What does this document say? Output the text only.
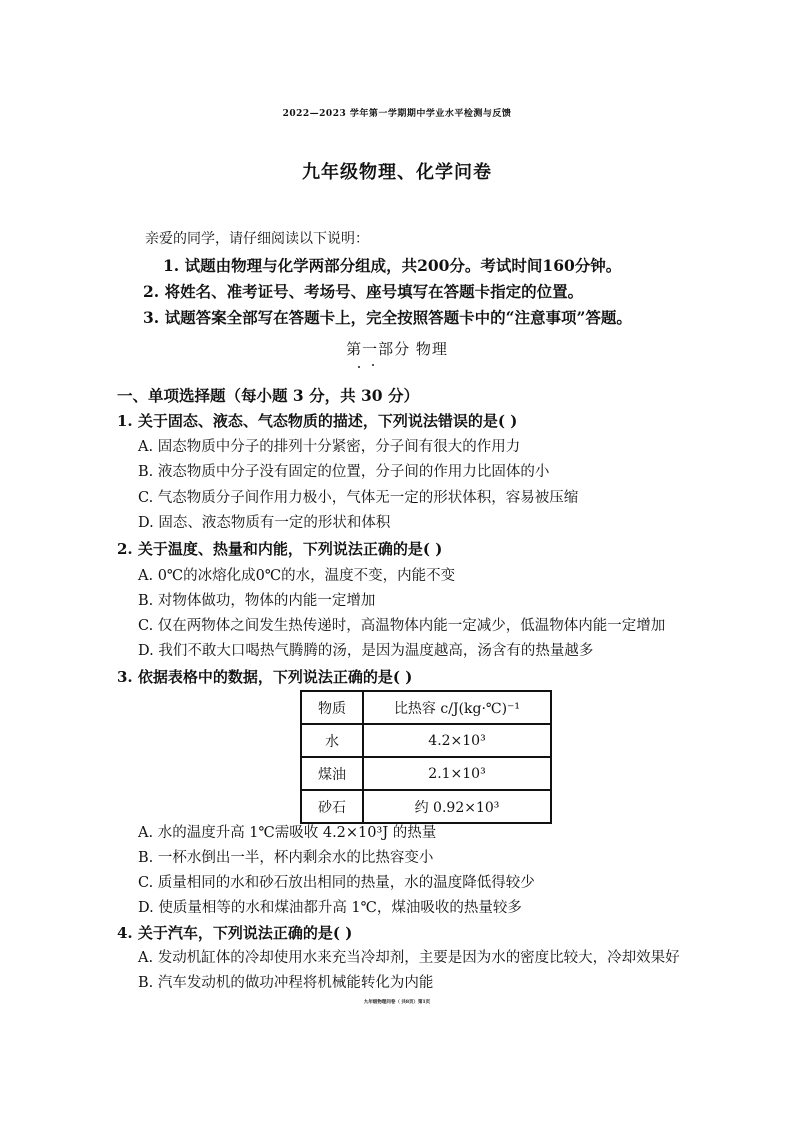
2022—2023 学年第一学期期中学业水平检测与反馈
九年级物理、化学问卷
亲爱的同学，请仔细阅读以下说明：
1. 试题由物理与化学两部分组成，共200分。考试时间160分钟。
2. 将姓名、准考证号、考场号、座号填写在答题卡指定的位置。
3. 试题答案全部写在答题卡上，完全按照答题卡中的“注意事项”答题。
第一部分 物理
一、单项选择题（每小题 3 分，共 30 分）
1. 关于固态、液态、气态物质的描述，下列说法错误的是( )
A. 固态物质中分子的排列十分紧密，分子间有很大的作用力
B. 液态物质中分子没有固定的位置，分子间的作用力比固体的小
C. 气态物质分子间作用力极小，气体无一定的形状体积，容易被压缩
D. 固态、液态物质有一定的形状和体积
2. 关于温度、热量和内能，下列说法正确的是( )
A. 0℃的冰熔化成0℃的水，温度不变，内能不变
B. 对物体做功，物体的内能一定增加
C. 仅在两物体之间发生热传递时，高温物体内能一定减少，低温物体内能一定增加
D. 我们不敢大口喝热气腾腾的汤，是因为温度越高，汤含有的热量越多
3. 依据表格中的数据，下列说法正确的是( )
物质	比热容 c/J(kg·℃)⁻¹
水	4.2×10³
煤油	2.1×10³
砂石	约 0.92×10³
A. 水的温度升高 1℃需吸收 4.2×10³J 的热量
B. 一杯水倒出一半，杯内剩余水的比热容变小
C. 质量相同的水和砂石放出相同的热量，水的温度降低得较少
D. 使质量相等的水和煤油都升高 1℃，煤油吸收的热量较多
4. 关于汽车，下列说法正确的是( )
A. 发动机缸体的冷却使用水来充当冷却剂，主要是因为水的密度比较大，冷却效果好
B. 汽车发动机的做功冲程将机械能转化为内能
九年级物理问卷（ 共8页）第1页
